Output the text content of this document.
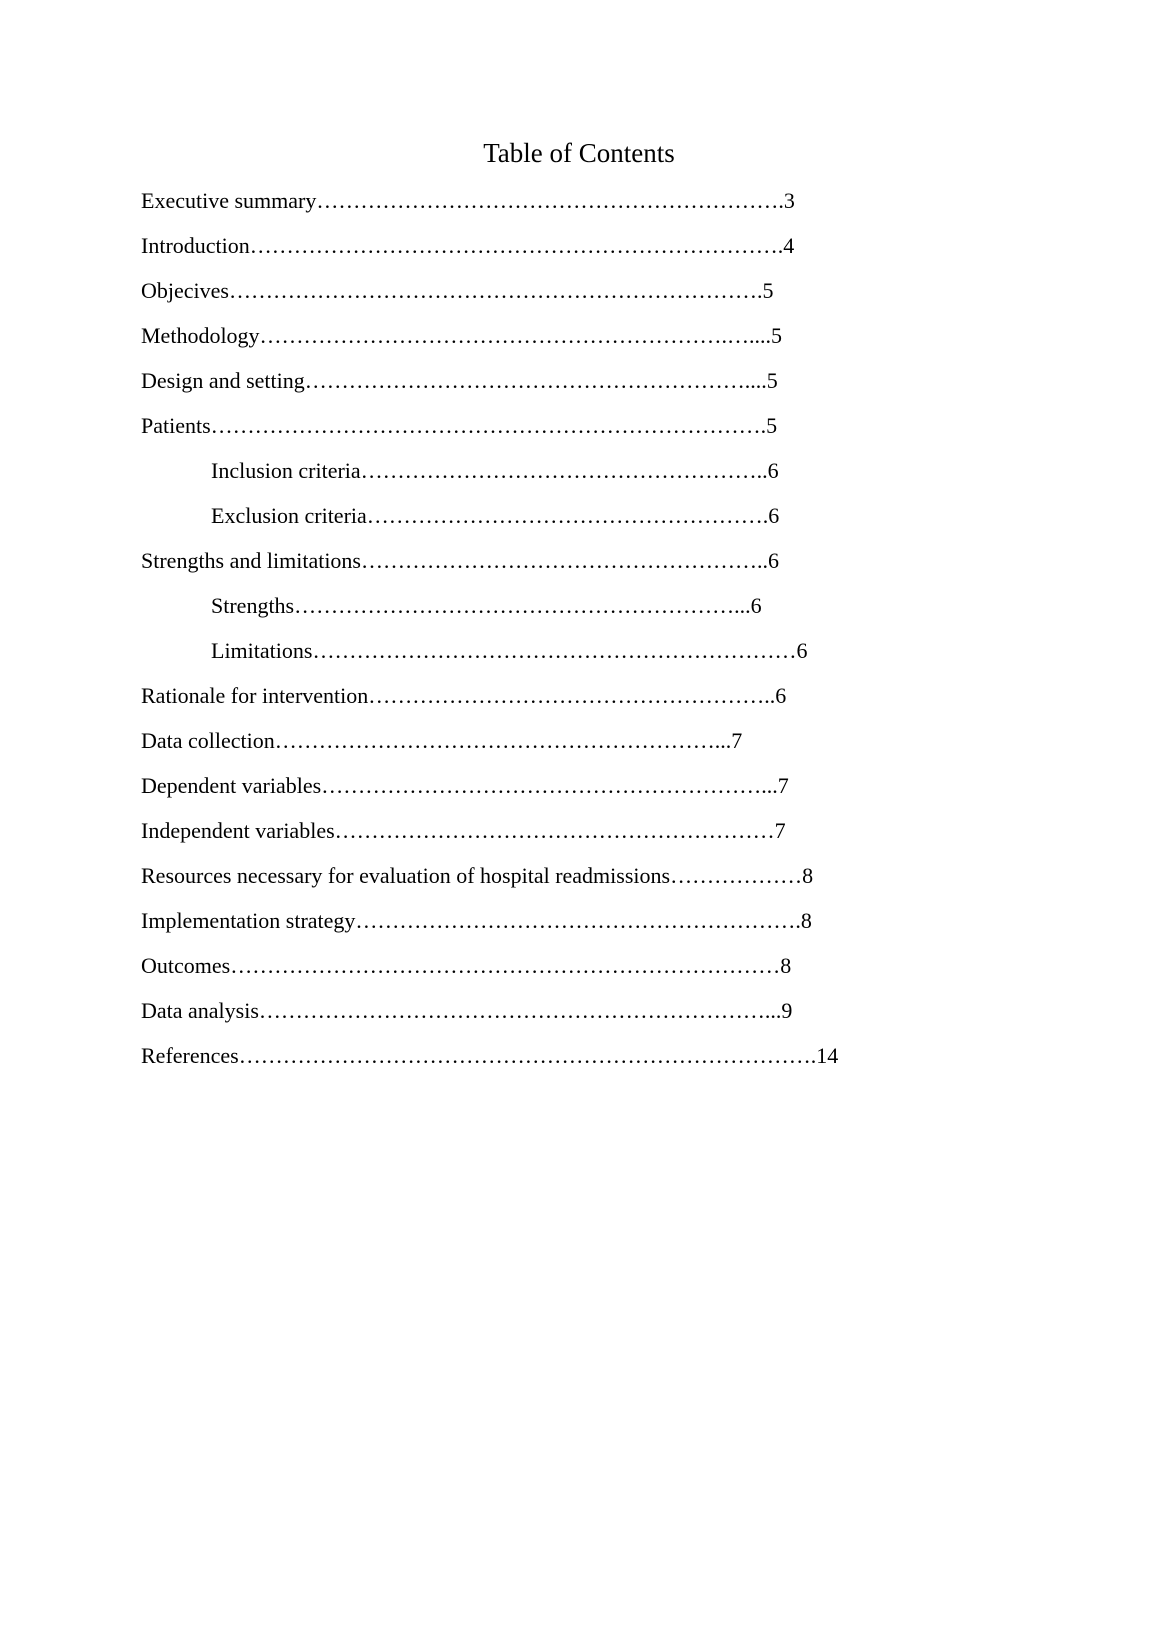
Table of Contents
Executive summary……………………………………………………….3
Introduction……………………………………………………………….4
Objecives……………………………………………………………….5
Methodology……………………………………………………….…....5
Design and setting……………………………………………………....5
Patients………………………………………………………………….5
Inclusion criteria………………………………………………..6
Exclusion criteria……………………………………………….6
Strengths and limitations………………………………………………..6
Strengths……………………………………………………...6
Limitations…………………………………………………………6
Rationale for intervention………………………………………………..6
Data collection……………………………………………………...7
Dependent variables……………………………………………………...7
Independent variables……………………………………………………7
Resources necessary for evaluation of hospital readmissions………………8
Implementation strategy…………………………………………………….8
Outcomes…………………………………………………………………8
Data analysis……………………………………………………………...9
References…………………………………………………………………….14
